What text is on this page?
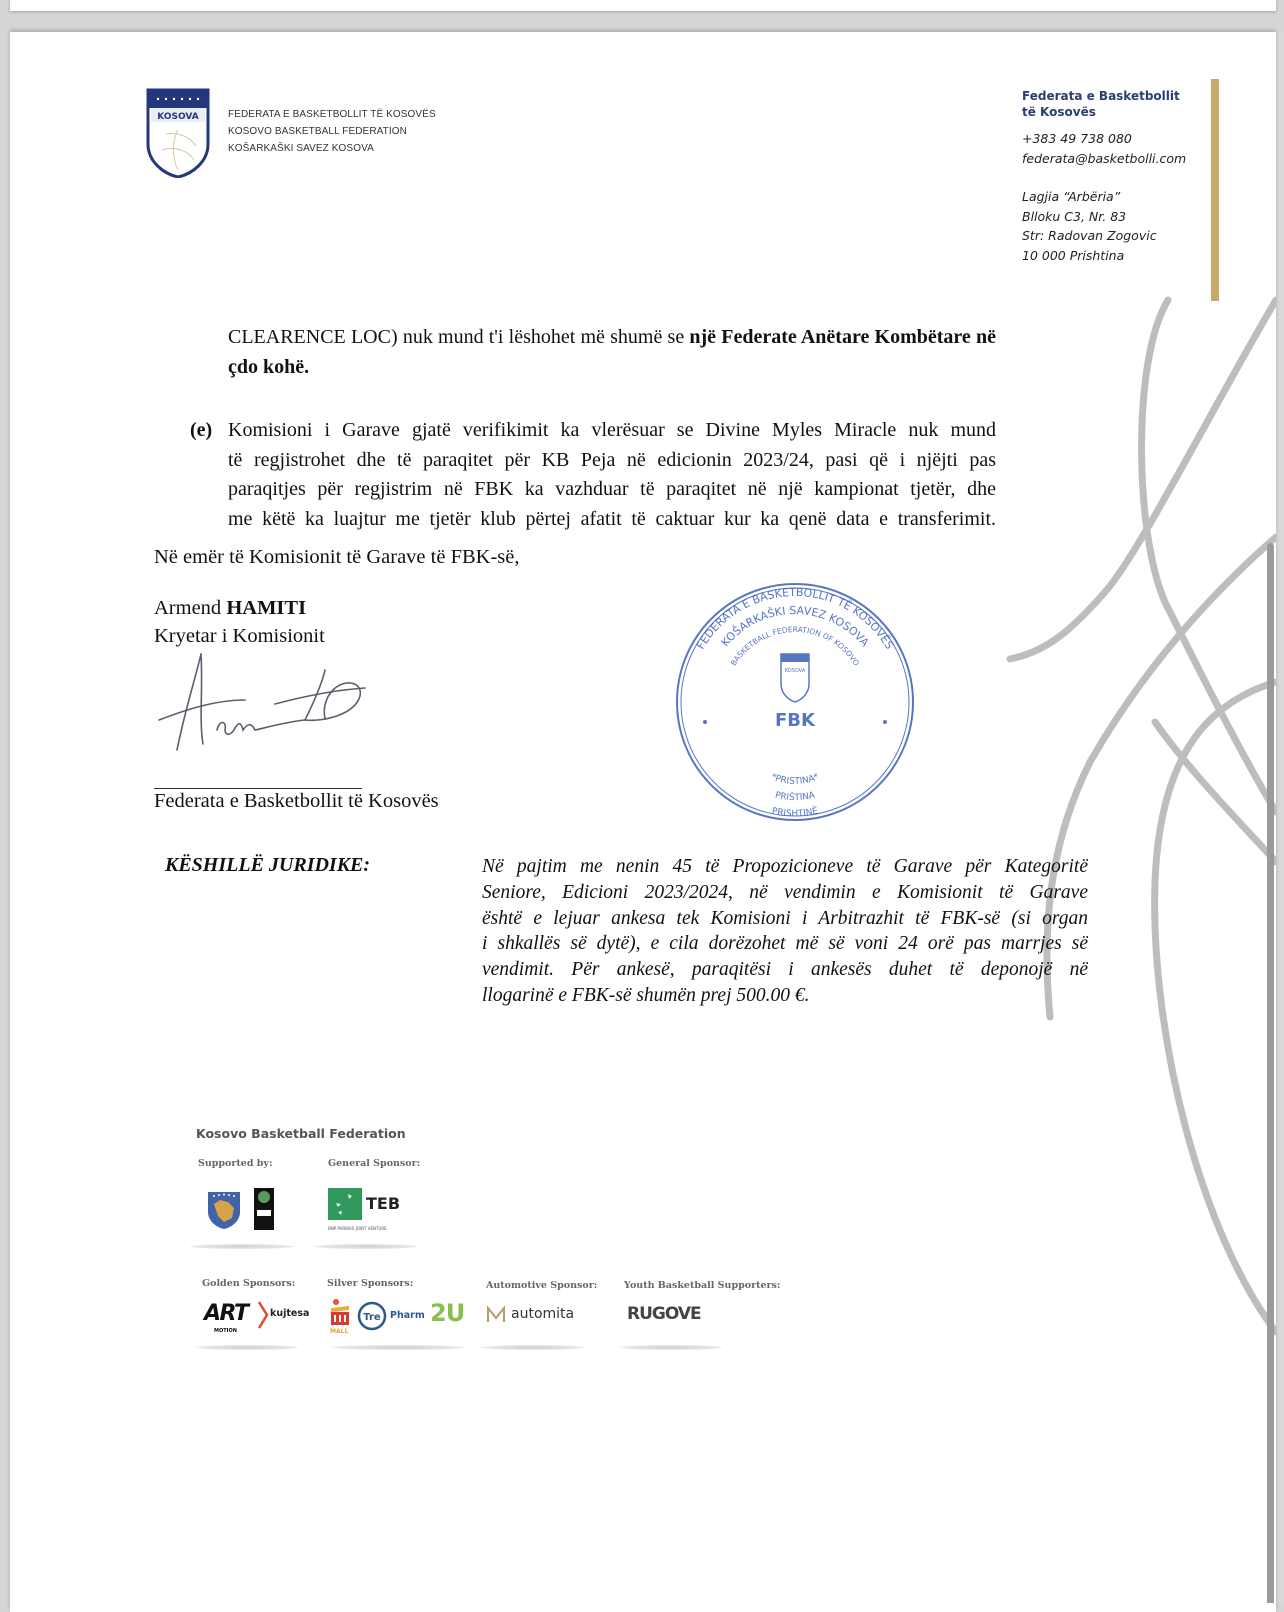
KOSOVA	FEDERATA E BASKETBOLLIT TË KOSOVËS
KOSOVO BASKETBALL FEDERATION
KOŠARKAŠKI SAVEZ KOSOVA
Federata e Basketbollit
të Kosovës
+383 49 738 080
federata@basketbolli.com
Lagjia “Arbëria”
Blloku C3, Nr. 83
Str: Radovan Zogovic
10 000 Prishtina
CLEARENCE LOC) nuk mund t'i lëshohet më shumë se një Federate Anëtare Kombëtare në çdo kohë.
(e) Komisioni i Garave gjatë verifikimit ka vlerësuar se Divine Myles Miracle nuk mund
të regjistrohet dhe të paraqitet për KB Peja në edicionin 2023/24, pasi që i njëjti pas
paraqitjes për regjistrim në FBK ka vazhduar të paraqitet në një kampionat tjetër, dhe
me këtë ka luajtur me tjetër klub përtej afatit të caktuar kur ka qenë data e transferimit.
Në emër të Komisionit të Garave të FBK-së,
Armend HAMITI
Kryetar i Komisionit
Federata e Basketbollit të Kosovës
FEDERATA E BASKETBOLLIT TË KOSOVËS
KOŠARKAŠKI SAVEZ KOSOVA
BASKETBALL FEDERATION OF KOSOVO
KOSOVA
FBK
*PRISTINA*
PRIŠTINA
PRISHTINË
KËSHILLË JURIDIKE:	Në pajtim me nenin 45 të Propozicioneve të Garave për Kategoritë
Seniore, Edicioni 2023/2024, në vendimin e Komisionit të Garave
është e lejuar ankesa tek Komisioni i Arbitrazhit të FBK-së (si organ
i shkallës së dytë), e cila dorëzohet më së voni 24 orë pas marrjes së
vendimit. Për ankesë, paraqitësi i ankesës duhet të deponojë në
llogarinë e FBK-së shumën prej 500.00 €.
Kosovo Basketball Federation
Supported by:	General Sponsor:
TEB
BNP PARIBAS JOINT VENTURE
Golden Sponsors:	Silver Sponsors:	Automotive Sponsor:	Youth Basketball Supporters:
ART
MOTION
kujtesa
MALL
Tre Pharm 2U	automita	RUGOVE
